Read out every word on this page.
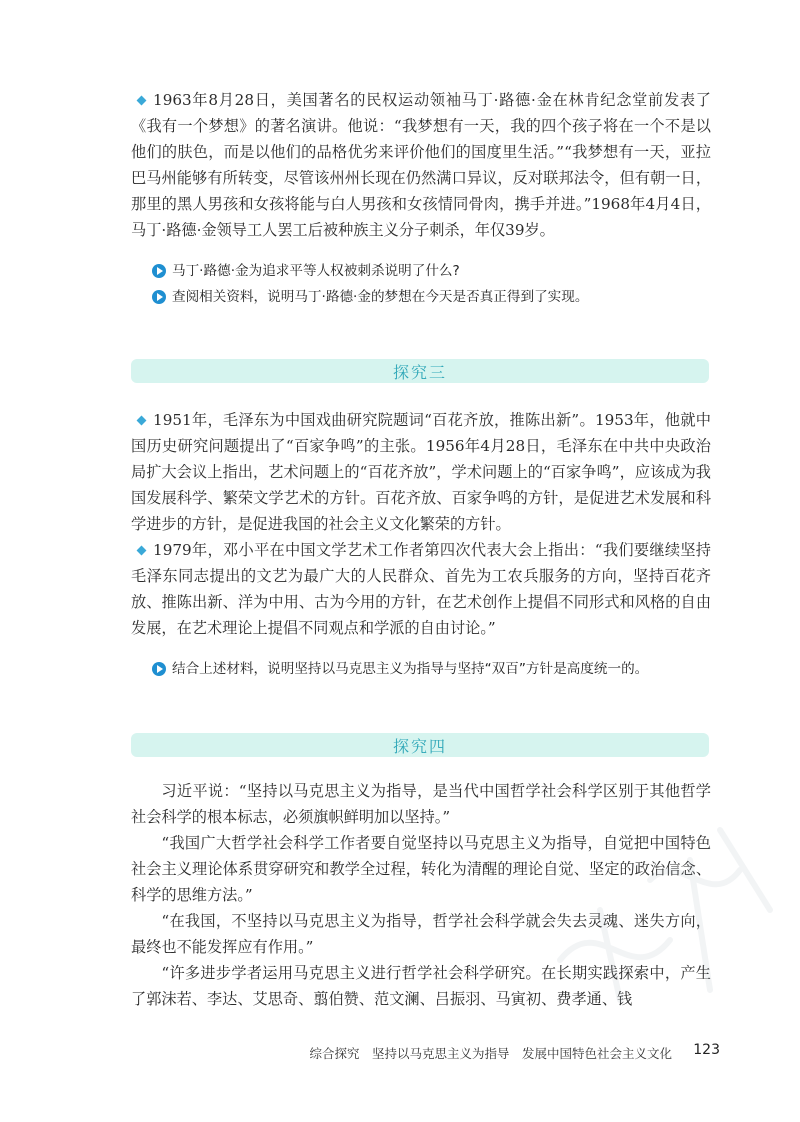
1963年8月28日，美国著名的民权运动领袖马丁·路德·金在林肯纪念堂前发表了《我有一个梦想》的著名演讲。他说：“我梦想有一天，我的四个孩子将在一个不是以他们的肤色，而是以他们的品格优劣来评价他们的国度里生活。”“我梦想有一天，亚拉巴马州能够有所转变，尽管该州州长现在仍然满口异议，反对联邦法令，但有朝一日，那里的黑人男孩和女孩将能与白人男孩和女孩情同骨肉，携手并进。”1968年4月4日，马丁·路德·金领导工人罢工后被种族主义分子刺杀，年仅39岁。

马丁·路德·金为追求平等人权被刺杀说明了什么?
查阅相关资料，说明马丁·路德·金的梦想在今天是否真正得到了实现。
探究三

1951年，毛泽东为中国戏曲研究院题词“百花齐放，推陈出新”。1953年，他就中国历史研究问题提出了“百家争鸣”的主张。1956年4月28日，毛泽东在中共中央政治局扩大会议上指出，艺术问题上的“百花齐放”，学术问题上的“百家争鸣”，应该成为我国发展科学、繁荣文学艺术的方针。百花齐放、百家争鸣的方针，是促进艺术发展和科学进步的方针，是促进我国的社会主义文化繁荣的方针。

1979年，邓小平在中国文学艺术工作者第四次代表大会上指出：“我们要继续坚持毛泽东同志提出的文艺为最广大的人民群众、首先为工农兵服务的方向，坚持百花齐放、推陈出新、洋为中用、古为今用的方针，在艺术创作上提倡不同形式和风格的自由发展，在艺术理论上提倡不同观点和学派的自由讨论。”

结合上述材料，说明坚持以马克思主义为指导与坚持“双百”方针是高度统一的。
探究四

习近平说：“坚持以马克思主义为指导，是当代中国哲学社会科学区别于其他哲学社会科学的根本标志，必须旗帜鲜明加以坚持。”

“我国广大哲学社会科学工作者要自觉坚持以马克思主义为指导，自觉把中国特色社会主义理论体系贯穿研究和教学全过程，转化为清醒的理论自觉、坚定的政治信念、科学的思维方法。”

“在我国，不坚持以马克思主义为指导，哲学社会科学就会失去灵魂、迷失方向，最终也不能发挥应有作用。”

“许多进步学者运用马克思主义进行哲学社会科学研究。在长期实践探索中，产生了郭沫若、李达、艾思奇、翦伯赞、范文澜、吕振羽、马寅初、费孝通、钱

综合探究　坚持以马克思主义为指导　发展中国特色社会主义文化 123
